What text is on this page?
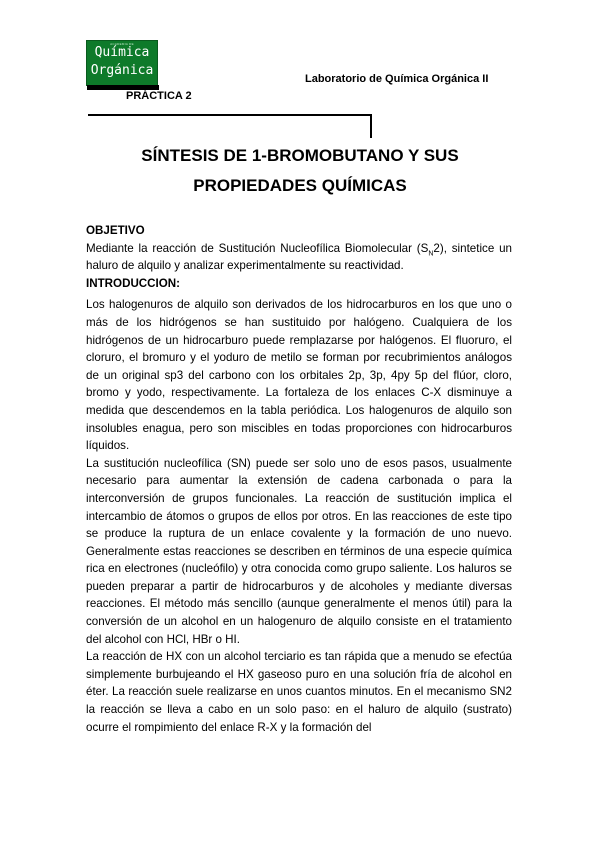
ACADEMIA DE
Química
Orgánica
PRÁCTICA 2
Laboratorio de Química Orgánica II
SÍNTESIS DE 1-BROMOBUTANO Y SUS
PROPIEDADES QUÍMICAS

OBJETIVO

Mediante la reacción de Sustitución Nucleofílica Biomolecular $(S_N2)$, sintetice un haluro de alquilo y analizar experimentalmente su reactividad.

INTRODUCCION:

Los halogenuros de alquilo son derivados de los hidrocarburos en los que uno o más de los hidrógenos se han sustituido por halógeno. Cualquiera de los hidrógenos de un hidrocarburo puede remplazarse por halógenos. El fluoruro, el cloruro, el bromuro y el yoduro de metilo se forman por recubrimientos análogos de un original sp3 del carbono con los orbitales 2p, 3p, 4py 5p del flúor, cloro, bromo y yodo, respectivamente. La fortaleza de los enlaces C-X disminuye a medida que descendemos en la tabla periódica. Los halogenuros de alquilo son insolubles enagua, pero son miscibles en todas proporciones con hidrocarburos líquidos.

La sustitución nucleofílica (SN) puede ser solo uno de esos pasos, usualmente necesario para aumentar la extensión de cadena carbonada o para la interconversión de grupos funcionales. La reacción de sustitución implica el intercambio de átomos o grupos de ellos por otros. En las reacciones de este tipo se produce la ruptura de un enlace covalente y la formación de uno nuevo. Generalmente estas reacciones se describen en términos de una especie química rica en electrones (nucleófilo) y otra conocida como grupo saliente. Los haluros se pueden preparar a partir de hidrocarburos y de alcoholes y mediante diversas reacciones. El método más sencillo (aunque generalmente el menos útil) para la conversión de un alcohol en un halogenuro de alquilo consiste en el tratamiento del alcohol con HCl, HBr o HI.

La reacción de HX con un alcohol terciario es tan rápida que a menudo se efectúa simplemente burbujeando el HX gaseoso puro en una solución fría de alcohol en éter. La reacción suele realizarse en unos cuantos minutos. En el mecanismo SN2 la reacción se lleva a cabo en un solo paso: en el haluro de alquilo (sustrato) ocurre el rompimiento del enlace R-X y la formación del
